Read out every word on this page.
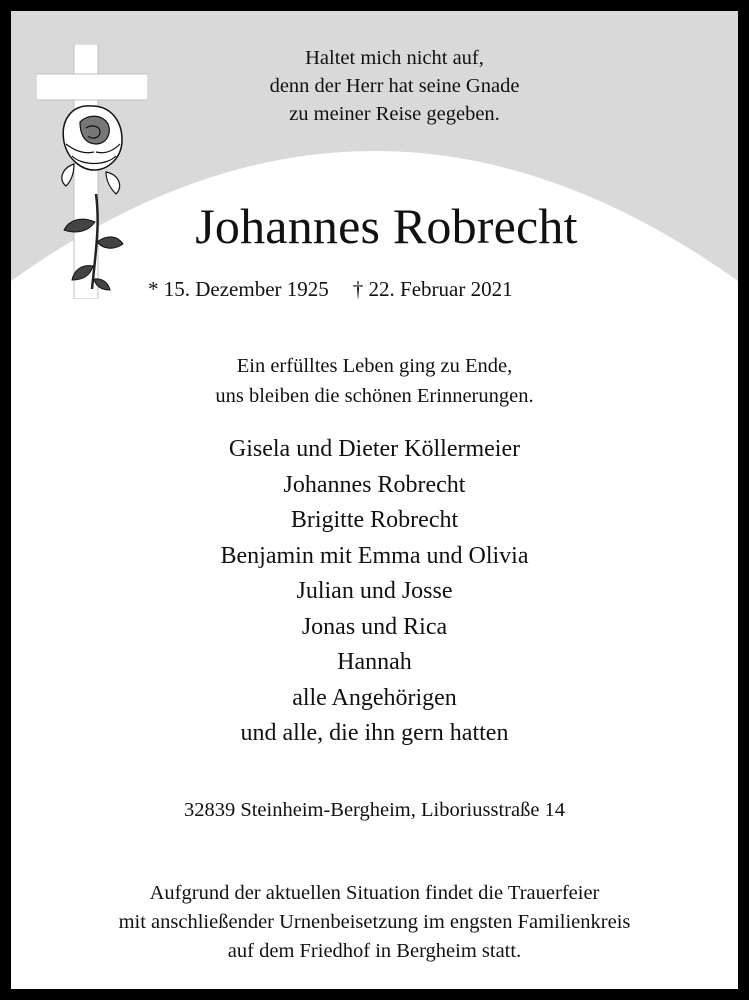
Haltet mich nicht auf,
denn der Herr hat seine Gnade
zu meiner Reise gegeben.
Johannes Robrecht
* 15. Dezember 1925 † 22. Februar 2021
Ein erfülltes Leben ging zu Ende,
uns bleiben die schönen Erinnerungen.
Gisela und Dieter Köllermeier
Johannes Robrecht
Brigitte Robrecht
Benjamin mit Emma und Olivia
Julian und Josse
Jonas und Rica
Hannah
alle Angehörigen
und alle, die ihn gern hatten
32839 Steinheim-Bergheim, Liboriusstraße 14
Aufgrund der aktuellen Situation findet die Trauerfeier
mit anschließender Urnenbeisetzung im engsten Familienkreis
auf dem Friedhof in Bergheim statt.
